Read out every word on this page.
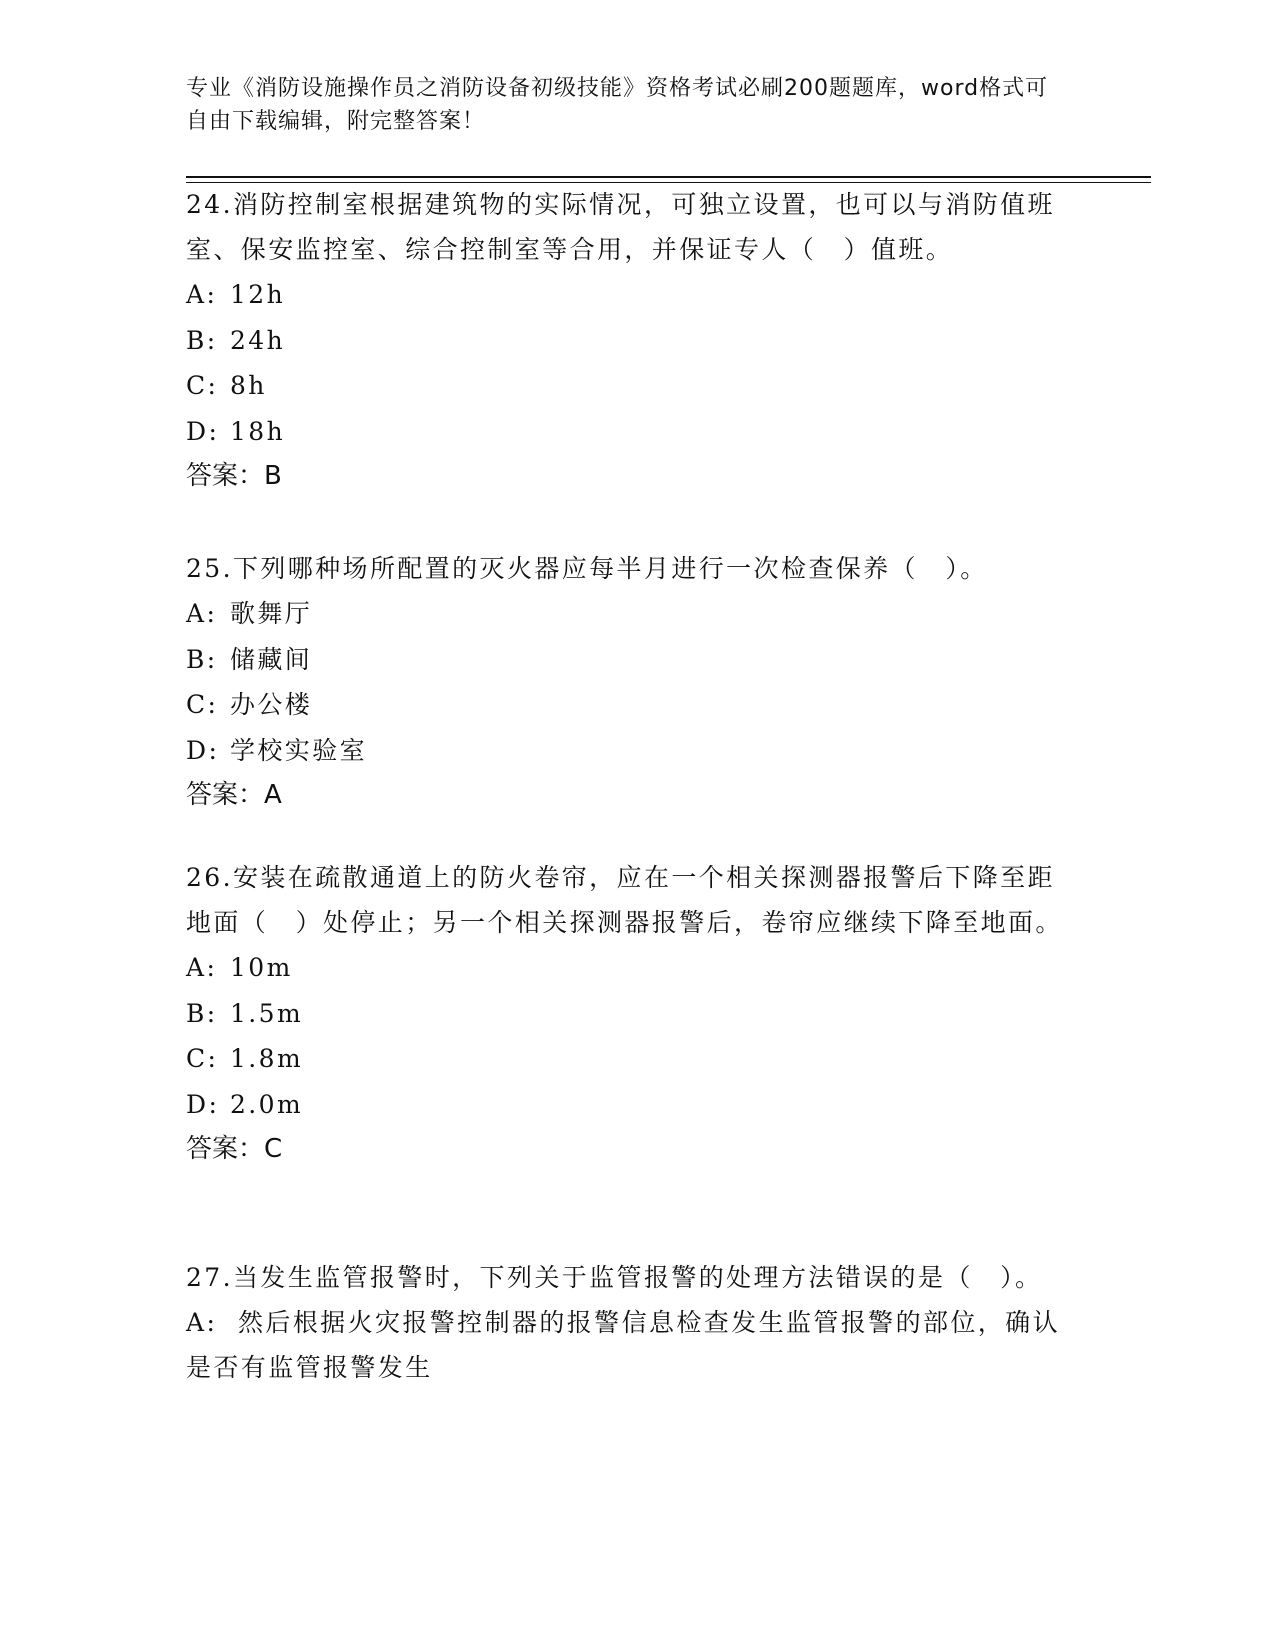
专业《消防设施操作员之消防设备初级技能》资格考试必刷200题题库，word格式可自由下载编辑，附完整答案！

24.消防控制室根据建筑物的实际情况，可独立设置，也可以与消防值班室、保安监控室、综合控制室等合用，并保证专人（　）值班。

A: 12h

B: 24h

C: 8h

D: 18h

答案：B

25.下列哪种场所配置的灭火器应每半月进行一次检查保养（　）。

A: 歌舞厅

B: 储藏间

C: 办公楼

D: 学校实验室

答案：A

26.安装在疏散通道上的防火卷帘，应在一个相关探测器报警后下降至距地面（　）处停止；另一个相关探测器报警后，卷帘应继续下降至地面。

A: 10m

B: 1.5m

C: 1.8m

D: 2.0m

答案：C

27.当发生监管报警时，下列关于监管报警的处理方法错误的是（　）。

A: 然后根据火灾报警控制器的报警信息检查发生监管报警的部位，确认是否有监管报警发生
